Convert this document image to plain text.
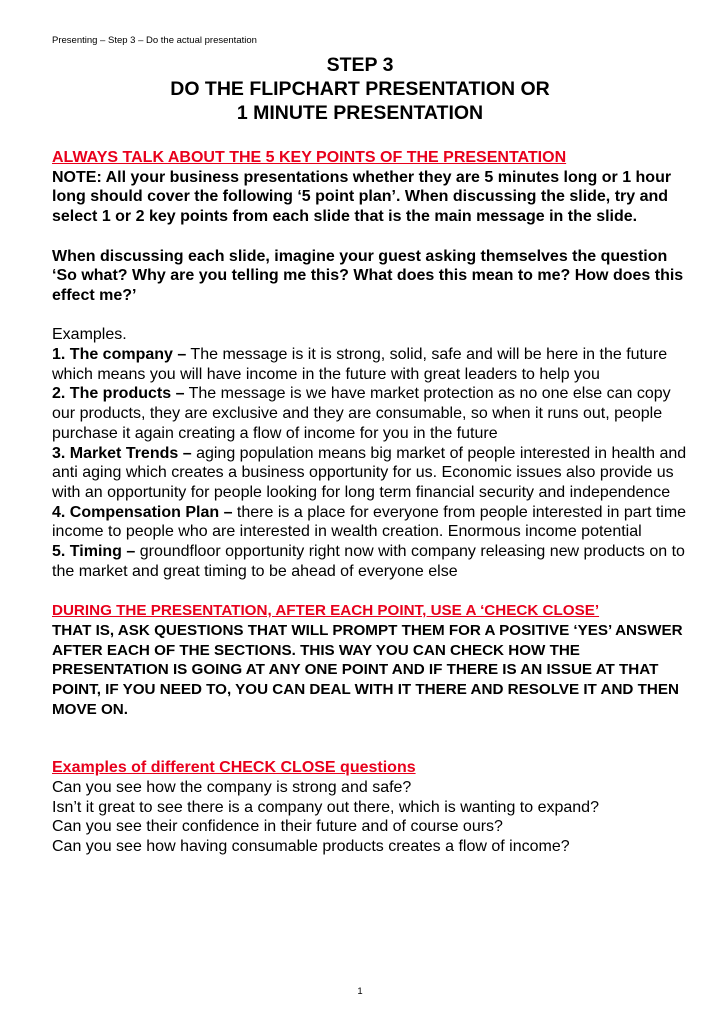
Presenting – Step 3 – Do the actual presentation
STEP 3
DO THE FLIPCHART PRESENTATION OR
1 MINUTE PRESENTATION

ALWAYS TALK ABOUT THE 5 KEY POINTS OF THE PRESENTATION

NOTE: All your business presentations whether they are 5 minutes long or 1 hour long should cover the following ‘5 point plan’. When discussing the slide, try and select 1 or 2 key points from each slide that is the main message in the slide.

When discussing each slide, imagine your guest asking themselves the question ‘So what? Why are you telling me this? What does this mean to me? How does this effect me?’

Examples.

1. The company – The message is it is strong, solid, safe and will be here in the future which means you will have income in the future with great leaders to help you

2. The products – The message is we have market protection as no one else can copy our products, they are exclusive and they are consumable, so when it runs out, people purchase it again creating a flow of income for you in the future

3. Market Trends – aging population means big market of people interested in health and anti aging which creates a business opportunity for us. Economic issues also provide us with an opportunity for people looking for long term financial security and independence

4. Compensation Plan – there is a place for everyone from people interested in part time income to people who are interested in wealth creation. Enormous income potential

5. Timing – groundfloor opportunity right now with company releasing new products on to the market and great timing to be ahead of everyone else

DURING THE PRESENTATION, AFTER EACH POINT, USE A ‘CHECK CLOSE’

THAT IS, ASK QUESTIONS THAT WILL PROMPT THEM FOR A POSITIVE ‘YES’ ANSWER AFTER EACH OF THE SECTIONS. THIS WAY YOU CAN CHECK HOW THE PRESENTATION IS GOING AT ANY ONE POINT AND IF THERE IS AN ISSUE AT THAT POINT, IF YOU NEED TO, YOU CAN DEAL WITH IT THERE AND RESOLVE IT AND THEN MOVE ON.

Examples of different CHECK CLOSE questions

Can you see how the company is strong and safe?

Isn’t it great to see there is a company out there, which is wanting to expand?

Can you see their confidence in their future and of course ours?

Can you see how having consumable products creates a flow of income?

1
